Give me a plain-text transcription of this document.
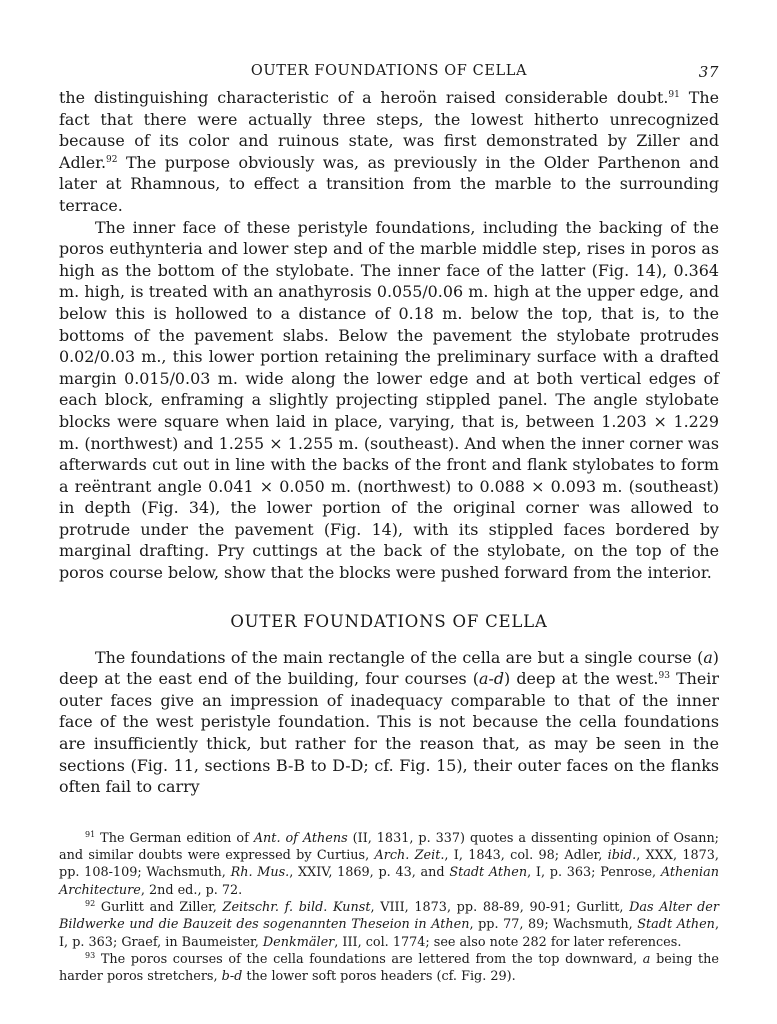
OUTER FOUNDATIONS OF CELLA	37

the distinguishing characteristic of a heroön raised considerable doubt.$^{91}$ The fact that there were actually three steps, the lowest hitherto unrecognized because of its color and ruinous state, was first demonstrated by Ziller and Adler.$^{92}$ The purpose obviously was, as previously in the Older Parthenon and later at Rhamnous, to effect a transition from the marble to the surrounding terrace.

The inner face of these peristyle foundations, including the backing of the poros euthynteria and lower step and of the marble middle step, rises in poros as high as the bottom of the stylobate. The inner face of the latter (Fig. 14), 0.364 m. high, is treated with an anathyrosis 0.055/0.06 m. high at the upper edge, and below this is hollowed to a distance of 0.18 m. below the top, that is, to the bottoms of the pavement slabs. Below the pavement the stylobate protrudes 0.02/0.03 m., this lower portion retaining the preliminary surface with a drafted margin 0.015/0.03 m. wide along the lower edge and at both vertical edges of each block, enframing a slightly projecting stippled panel. The angle stylobate blocks were square when laid in place, varying, that is, between 1.203 × 1.229 m. (northwest) and 1.255 × 1.255 m. (southeast). And when the inner corner was afterwards cut out in line with the backs of the front and flank stylobates to form a reëntrant angle 0.041 × 0.050 m. (northwest) to 0.088 × 0.093 m. (southeast) in depth (Fig. 34), the lower portion of the original corner was allowed to protrude under the pavement (Fig. 14), with its stippled faces bordered by marginal drafting. Pry cuttings at the back of the stylobate, on the top of the poros course below, show that the blocks were pushed forward from the interior.

OUTER FOUNDATIONS OF CELLA

The foundations of the main rectangle of the cella are but a single course (a) deep at the east end of the building, four courses (a-d) deep at the west.$^{93}$ Their outer faces give an impression of inadequacy comparable to that of the inner face of the west peristyle foundation. This is not because the cella foundations are insufficiently thick, but rather for the reason that, as may be seen in the sections (Fig. 11, sections B-B to D-D; cf. Fig. 15), their outer faces on the flanks often fail to carry

$^{91}$ The German edition of Ant. of Athens (II, 1831, p. 337) quotes a dissenting opinion of Osann; and similar doubts were expressed by Curtius, Arch. Zeit., I, 1843, col. 98; Adler, ibid., XXX, 1873, pp. 108-109; Wachsmuth, Rh. Mus., XXIV, 1869, p. 43, and Stadt Athen, I, p. 363; Penrose, Athenian Architecture, 2nd ed., p. 72.

$^{92}$ Gurlitt and Ziller, Zeitschr. f. bild. Kunst, VIII, 1873, pp. 88-89, 90-91; Gurlitt, Das Alter der Bildwerke und die Bauzeit des sogenannten Theseion in Athen, pp. 77, 89; Wachsmuth, Stadt Athen, I, p. 363; Graef, in Baumeister, Denkmäler, III, col. 1774; see also note 282 for later references.

$^{93}$ The poros courses of the cella foundations are lettered from the top downward, a being the harder poros stretchers, b-d the lower soft poros headers (cf. Fig. 29).
